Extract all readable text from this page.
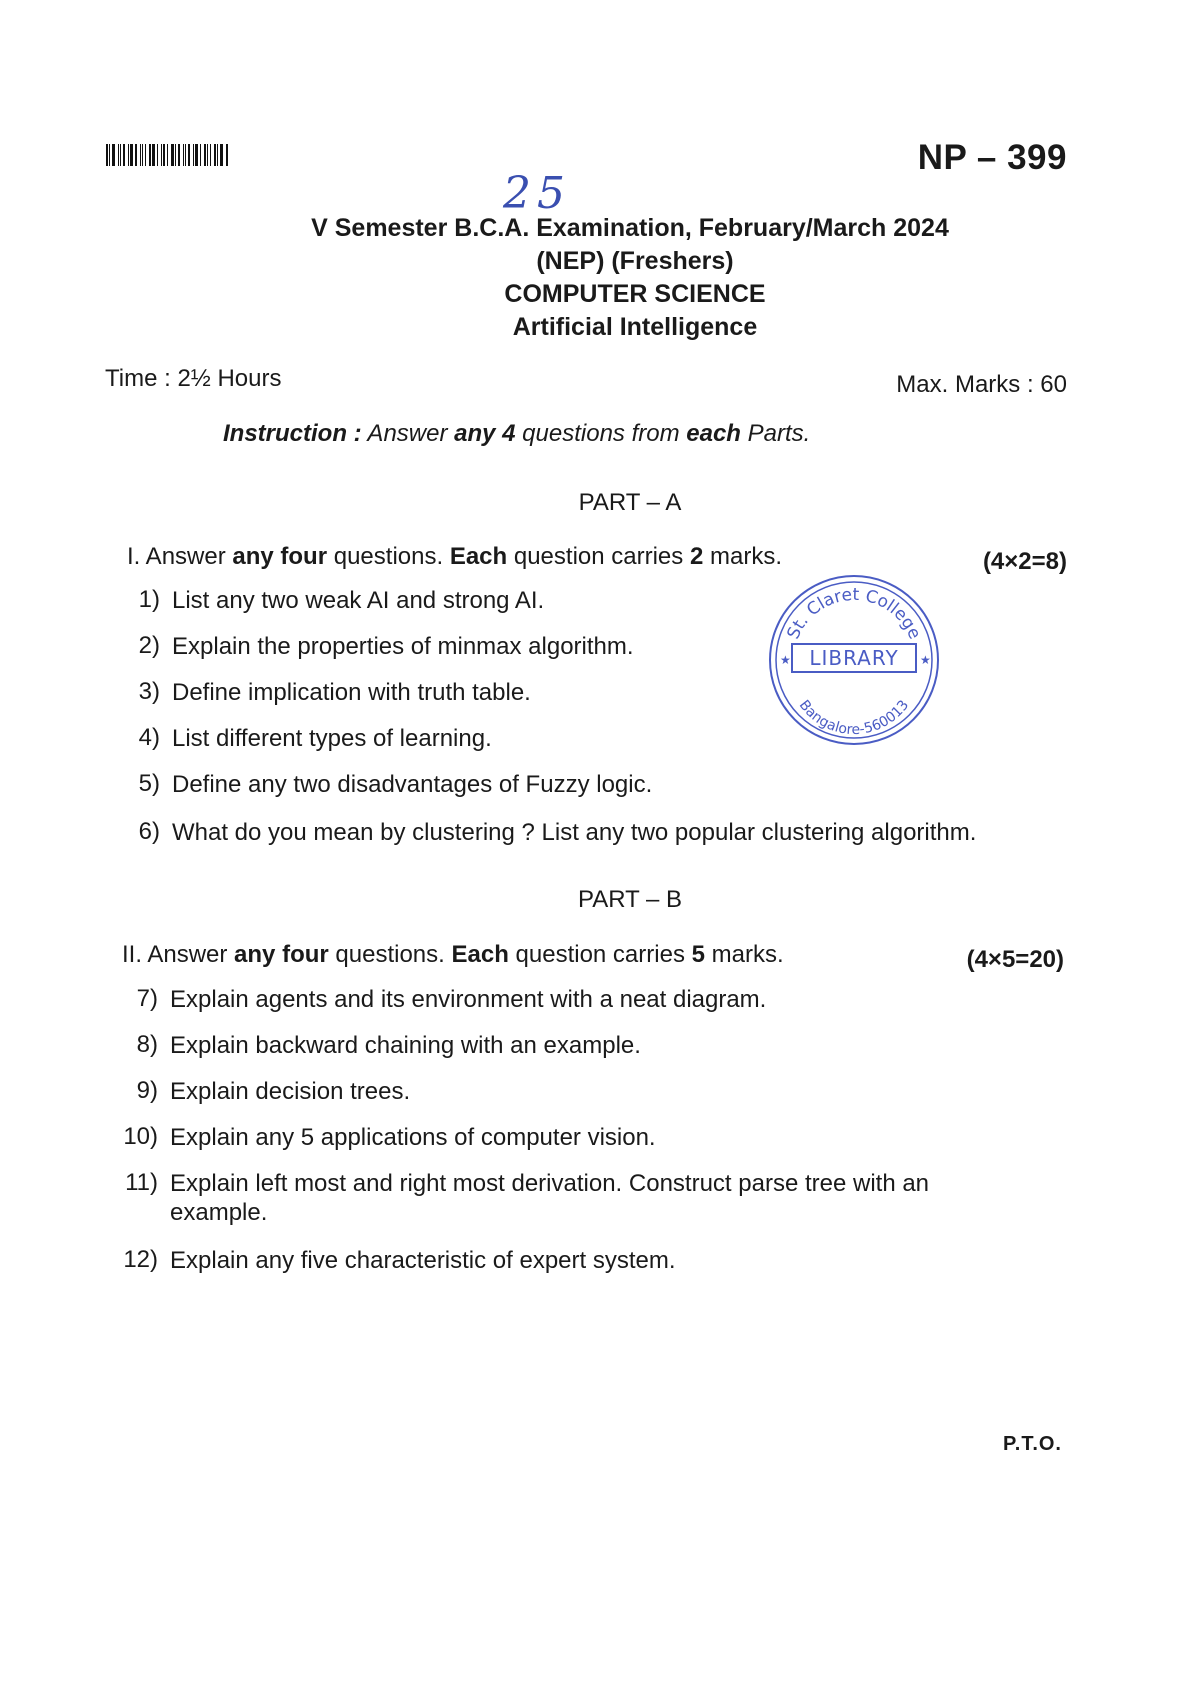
NP – 399
25
V Semester B.C.A. Examination, February/March 2024
(NEP) (Freshers)
COMPUTER SCIENCE
Artificial Intelligence
Time : 2½ Hours	Max. Marks : 60
Instruction : Answer any 4 questions from each Parts.
PART – A
I. Answer any four questions. Each question carries 2 marks.	(4×2=8)
1) List any two weak AI and strong AI.
2) Explain the properties of minmax algorithm.
3) Define implication with truth table.
4) List different types of learning.
5) Define any two disadvantages of Fuzzy logic.
6) What do you mean by clustering ? List any two popular clustering algorithm.
St. Claret College
LIBRARY
★	★
Bangalore-560013
PART – B
II. Answer any four questions. Each question carries 5 marks.	(4×5=20)
7) Explain agents and its environment with a neat diagram.
8) Explain backward chaining with an example.
9) Explain decision trees.
10) Explain any 5 applications of computer vision.
11) Explain left most and right most derivation. Construct parse tree with an example.
12) Explain any five characteristic of expert system.
P.T.O.
